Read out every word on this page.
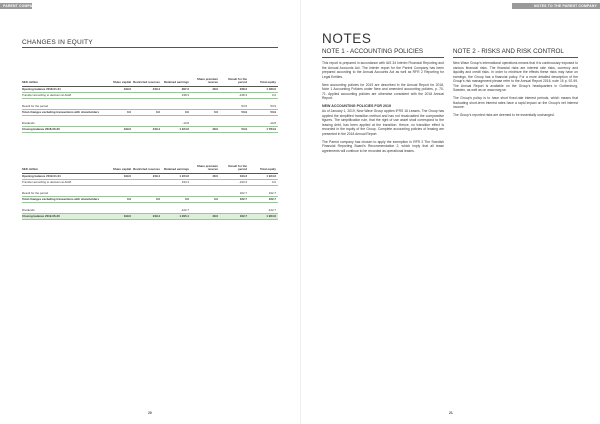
PARENT COMPANY
CHANGES IN EQUITY
SEK million	Share capital	Restricted reserves	Retained earnings	Share premium reserve	Result for the period	Total equity
Opening balance 2018-01-01	199.0	249.4	997.2	48.0	238.3	1 483.0
Transfer according to decision at AGM			238.3		-238.3	0.0

Result for the period					53.9	53.9
Total changes excluding transactions with shareholders	0.0	0.0	0.0	0.0	53.9	53.9

Dividends			-10.8			-10.8
Closing balance 2018-06-30	199.0	249.4	1 224.6	48.0	53.9	1 784.9
SEK million	Share capital	Restricted reserves	Retained earnings	Share premium reserve	Result for the period	Total equity
Opening balance 2019-01-01	199.0	249.4	1 224.6	48.0	193.3	1 924.6
Transfer according to decision at AGM			193.3		-193.3	0.0

Result for the period					162.7	162.7
Total changes excluding transactions with shareholders	0.0	0.0	0.0	0.0	162.7	162.7

Dividends			-122.7			-122.7
Closing balance 2019-06-30	199.0	249.4	1 295.1	48.0	162.7	1 964.6
20
NOTES TO THE PARENT COMPANY
21
NOTES
NOTE 1 - ACCOUNTING POLICIES

This report is prepared in accordance with IAS 34 Interim Financial Reporting and the Annual Accounts Act. The interim report for the Parent Company has been prepared according to the Annual Accounts Act as well as RFR 2 Reporting for Legal Entities.

New accounting policies for 2019 are described in the Annual Report for 2018, Note 1 Accounting Policies under New and amended accounting policies, p. 70-71. Applied accounting policies are otherwise consistent with the 2018 Annual Report.

NEW ACCOUNTING POLICIES FOR 2019

As of January 1, 2019, New Wave Group applies IFRS 16 Leases. The Group has applied the simplified transition method and has not recalculated the comparative figures. The simplification rule, that the right of use asset shall correspond to the leasing debt, has been applied at the transition. Hence, no transition effect is recorded in the equity of the Group. Complete accounting policies of leasing are presented in the 2018 Annual Report.

The Parent company has chosen to apply the exemption in RFR 2 The Swedish Financial Reporting Board's Recommendation 2, which imply that all lease agreements will continue to be recorded as operational leases.

NOTE 2 - RISKS AND RISK CONTROL

New Wave Group's international operations means that it is continuously exposed to various financial risks. The financial risks are interest rate risks, currency and liquidity and credit risks. In order to minimize the effects these risks may have on earnings, the Group has a financial policy. For a more detailed description of the Group's risk management please refer to the Annual Report 2018, note 15 p. 92-99. The Annual Report is available on the Group's headquarters in Gothenburg, Sweden, as well as on www.nwg.se.

The Group's policy is to have short fixed-rate interest periods, which means that fluctuating short-term interest rates have a rapid impact on the Group's net interest income.

The Group's reported risks are deemed to be essentially unchanged.
